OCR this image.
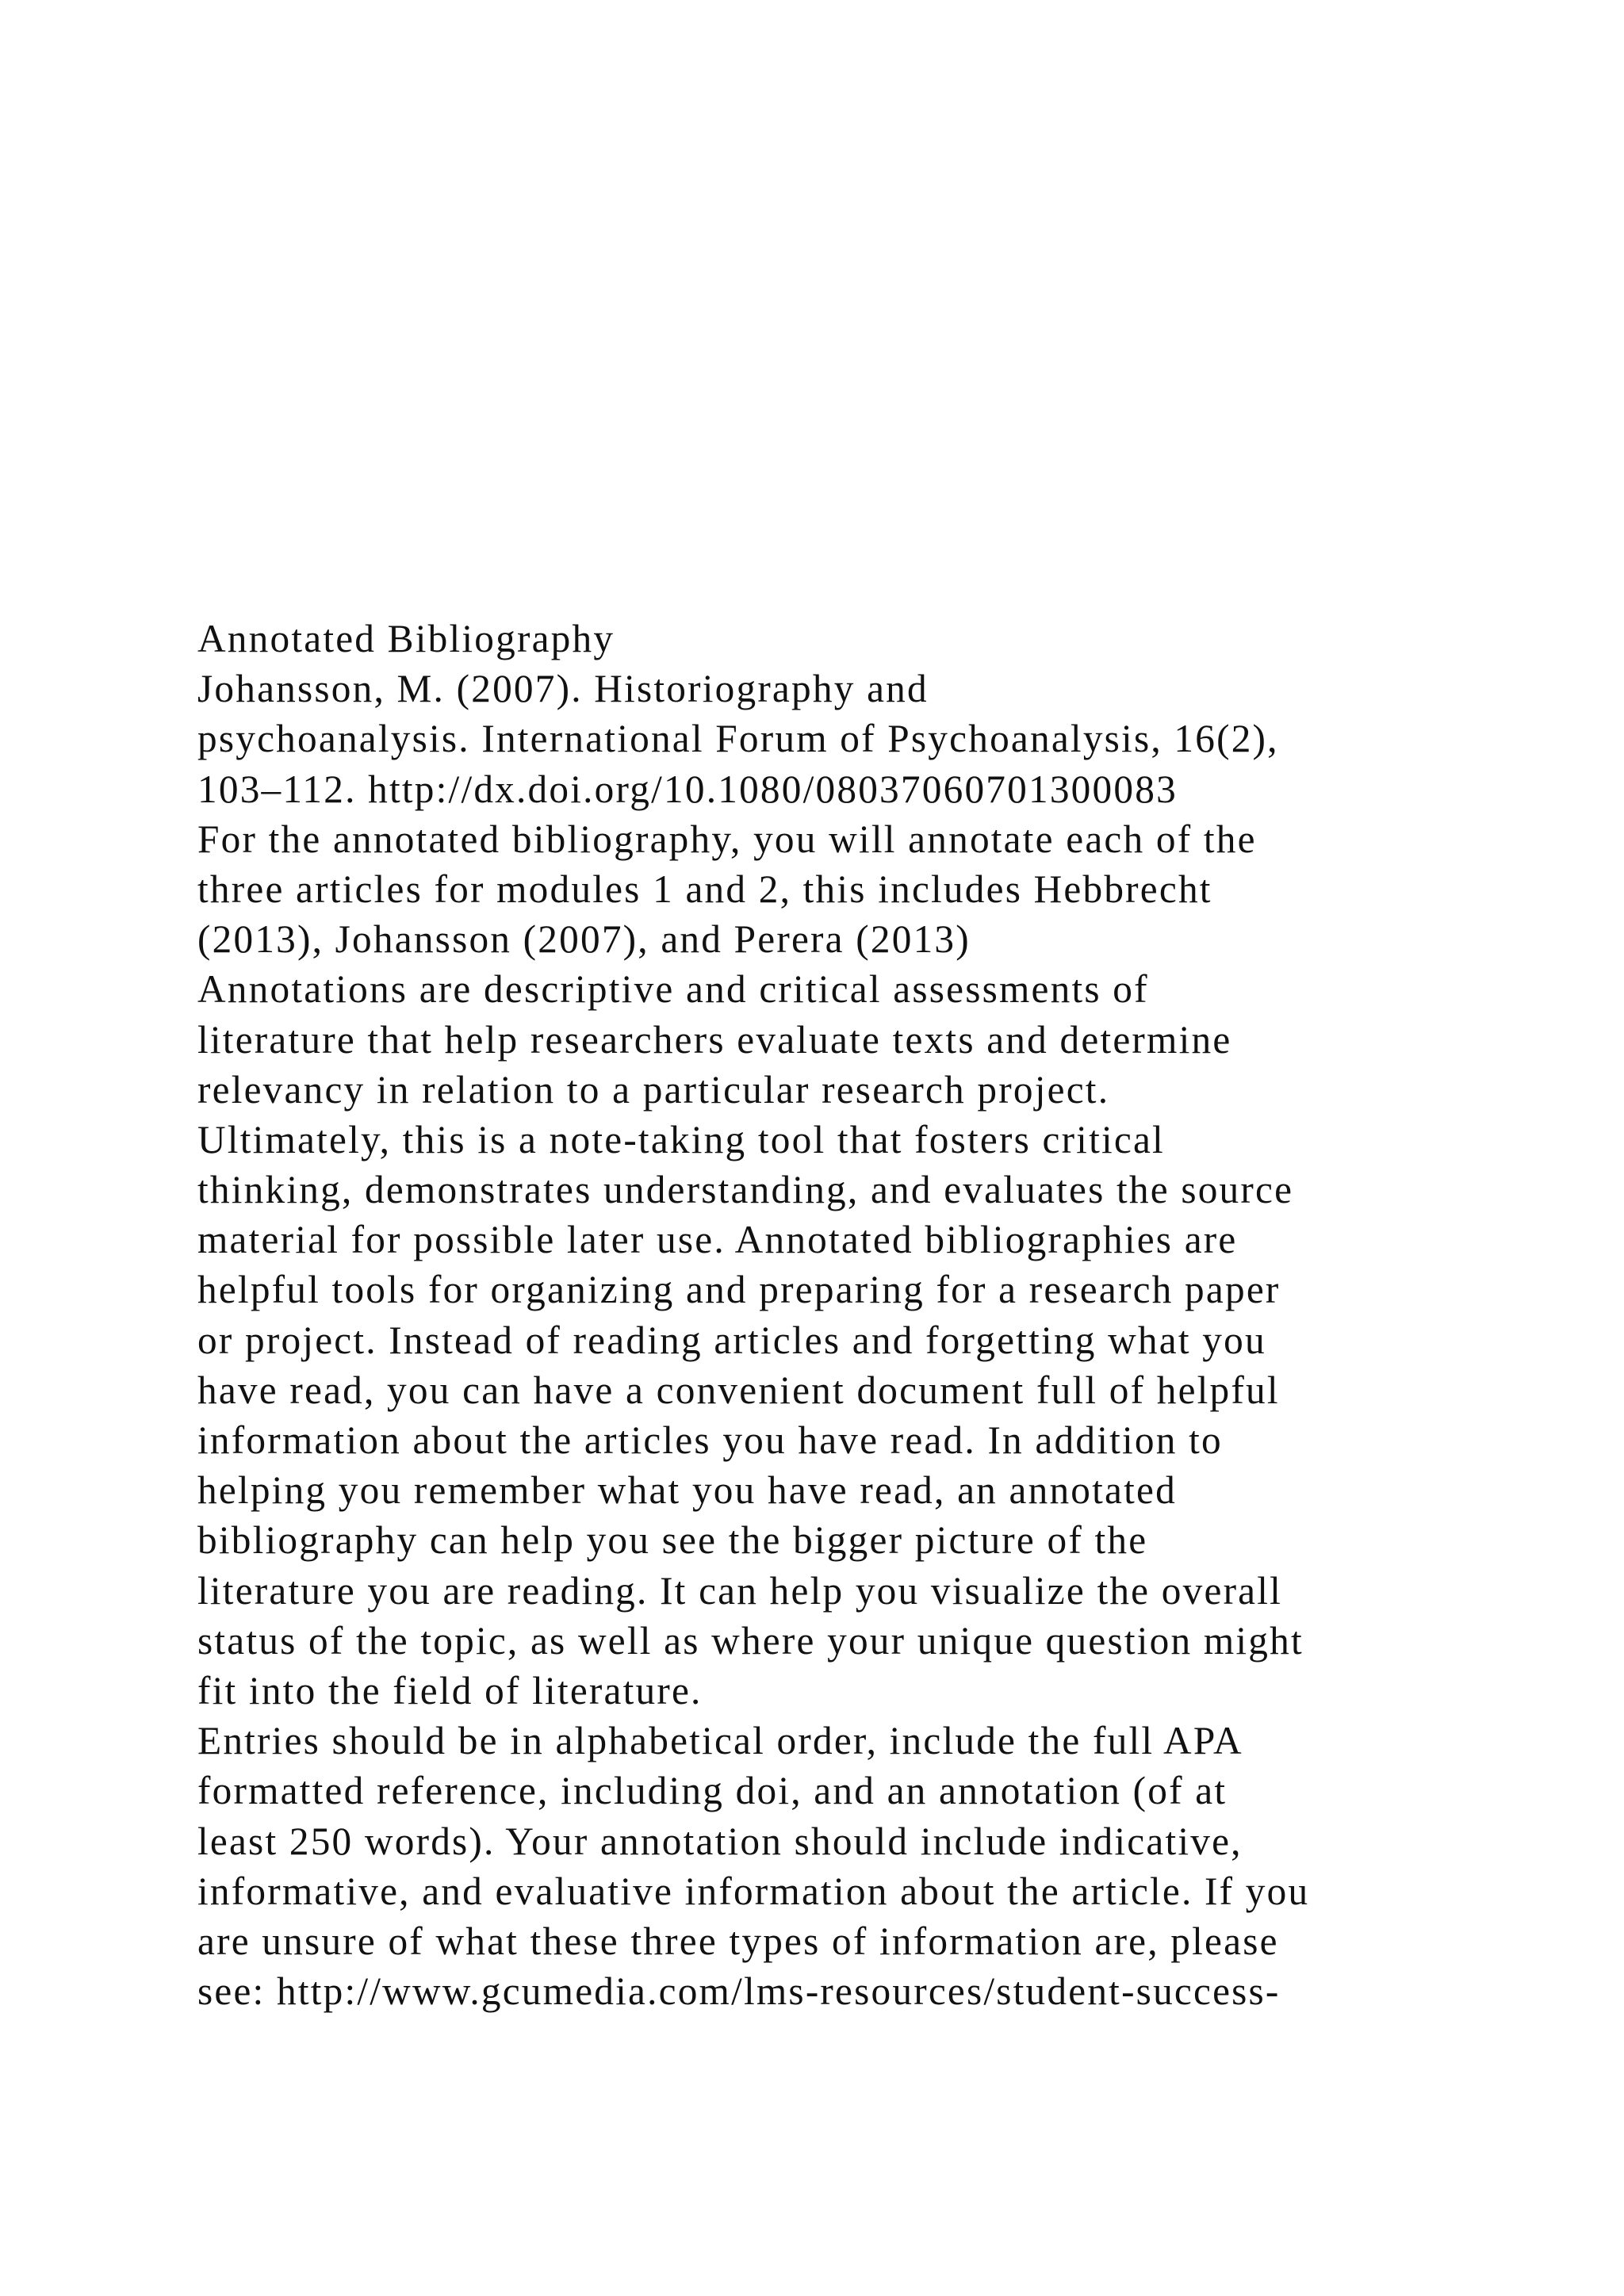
Annotated Bibliography
Johansson, M. (2007). Historiography and
psychoanalysis. International Forum of Psychoanalysis, 16(2),
103–112. http://dx.doi.org/10.1080/08037060701300083
For the annotated bibliography, you will annotate each of the
three articles for modules 1 and 2, this includes Hebbrecht
(2013), Johansson (2007), and Perera (2013)
Annotations are descriptive and critical assessments of
literature that help researchers evaluate texts and determine
relevancy in relation to a particular research project.
Ultimately, this is a note-taking tool that fosters critical
thinking, demonstrates understanding, and evaluates the source
material for possible later use. Annotated bibliographies are
helpful tools for organizing and preparing for a research paper
or project. Instead of reading articles and forgetting what you
have read, you can have a convenient document full of helpful
information about the articles you have read. In addition to
helping you remember what you have read, an annotated
bibliography can help you see the bigger picture of the
literature you are reading. It can help you visualize the overall
status of the topic, as well as where your unique question might
fit into the field of literature.
Entries should be in alphabetical order, include the full APA
formatted reference, including doi, and an annotation (of at
least 250 words). Your annotation should include indicative,
informative, and evaluative information about the article. If you
are unsure of what these three types of information are, please
see: http://www.gcumedia.com/lms-resources/student-success-
